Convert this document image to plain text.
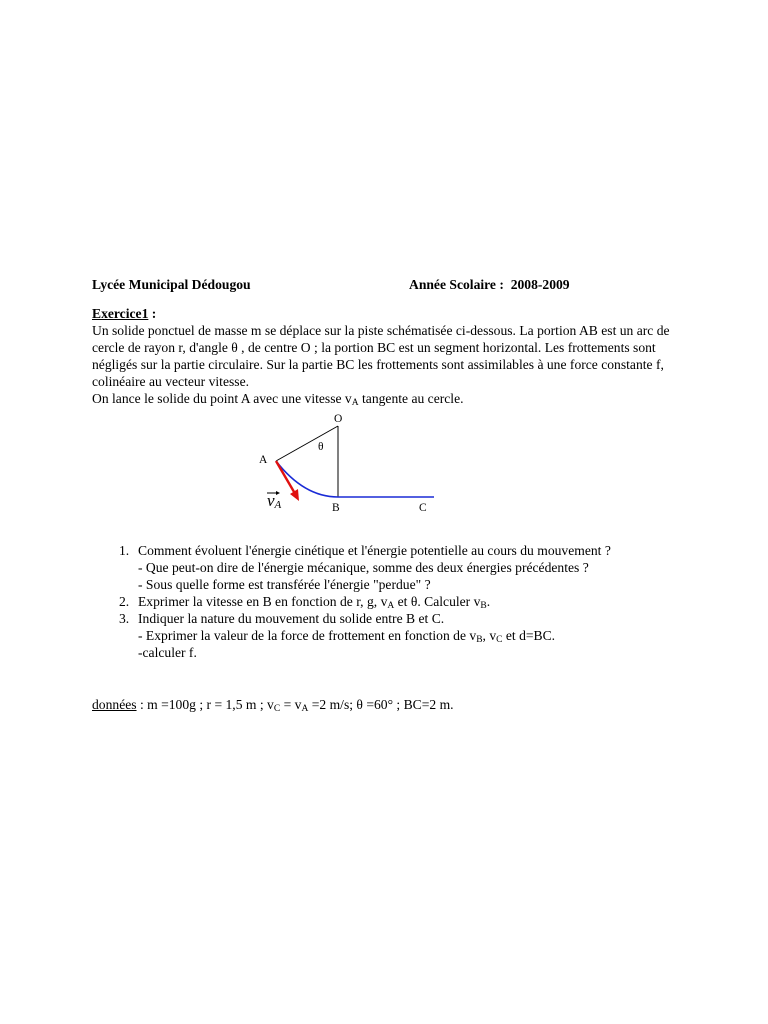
Lycée Municipal Dédougou	Année Scolaire : 2008-2009
Exercice1 :

Un solide ponctuel de masse m se déplace sur la piste schématisée ci-dessous. La portion AB est un arc de cercle de rayon r, d'angle θ , de centre O ; la portion BC est un segment horizontal. Les frottements sont négligés sur la partie circulaire. Sur la partie BC les frottements sont assimilables à une force constante f, colinéaire au vecteur vitesse.

On lance le solide du point A avec une vitesse $v_A$ tangente au cercle.

O
θ
A
B	C
$v_A$
1. Comment évoluent l'énergie cinétique et l'énergie potentielle au cours du mouvement ?
- Que peut-on dire de l'énergie mécanique, somme des deux énergies précédentes ?
- Sous quelle forme est transférée l'énergie "perdue" ?
2. Exprimer la vitesse en B en fonction de r, g, $v_A$ et θ. Calculer $v_B$.
3. Indiquer la nature du mouvement du solide entre B et C.
- Exprimer la valeur de la force de frottement en fonction de $v_B$, $v_C$ et d=BC.
-calculer f.

données : m =100g ; r = 1,5 m ; $v_C = v_A =2$ m/s; θ =60° ; BC=2 m.
